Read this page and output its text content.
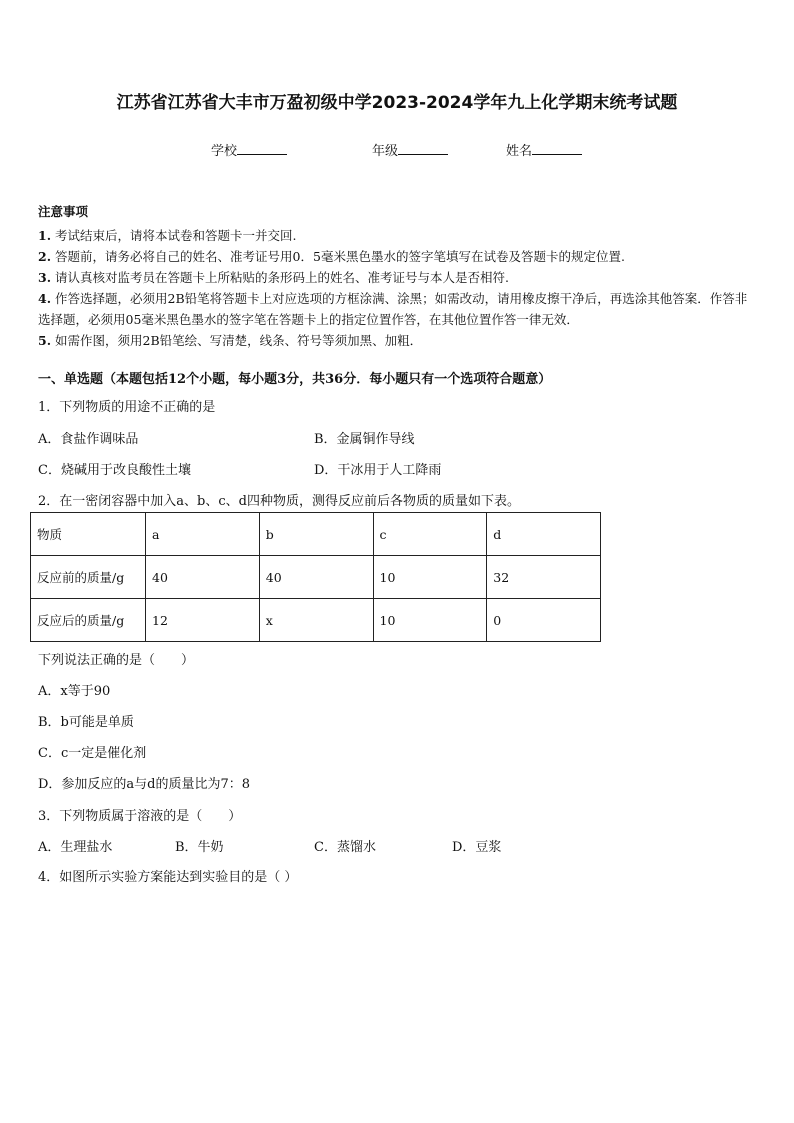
江苏省江苏省大丰市万盈初级中学2023-2024学年九上化学期末统考试题
学校	年级	姓名
注意事项
1. 考试结束后，请将本试卷和答题卡一并交回.
2. 答题前，请务必将自己的姓名、准考证号用0．5毫米黑色墨水的签字笔填写在试卷及答题卡的规定位置.
3. 请认真核对监考员在答题卡上所粘贴的条形码上的姓名、准考证号与本人是否相符.
4. 作答选择题，必须用2B铅笔将答题卡上对应选项的方框涂满、涂黑；如需改动，请用橡皮擦干净后，再选涂其他答案．作答非选择题，必须用05毫米黑色墨水的签字笔在答题卡上的指定位置作答，在其他位置作答一律无效．
5. 如需作图，须用2B铅笔绘、写清楚，线条、符号等须加黑、加粗．
一、单选题（本题包括12个小题，每小题3分，共36分．每小题只有一个选项符合题意）
1．下列物质的用途不正确的是
A．食盐作调味品	B．金属铜作导线
C．烧碱用于改良酸性土壤	D．干冰用于人工降雨
2．在一密闭容器中加入a、b、c、d四种物质，测得反应前后各物质的质量如下表。
物质	a	b	c	d
反应前的质量/g	40	40	10	32
反应后的质量/g	12	x	10	0
下列说法正确的是（　　）
A．x等于90
B．b可能是单质
C．c一定是催化剂
D．参加反应的a与d的质量比为7：8
3．下列物质属于溶液的是（　　）
A．生理盐水	B．牛奶	C．蒸馏水	D．豆浆
4．如图所示实验方案能达到实验目的是（ ）
